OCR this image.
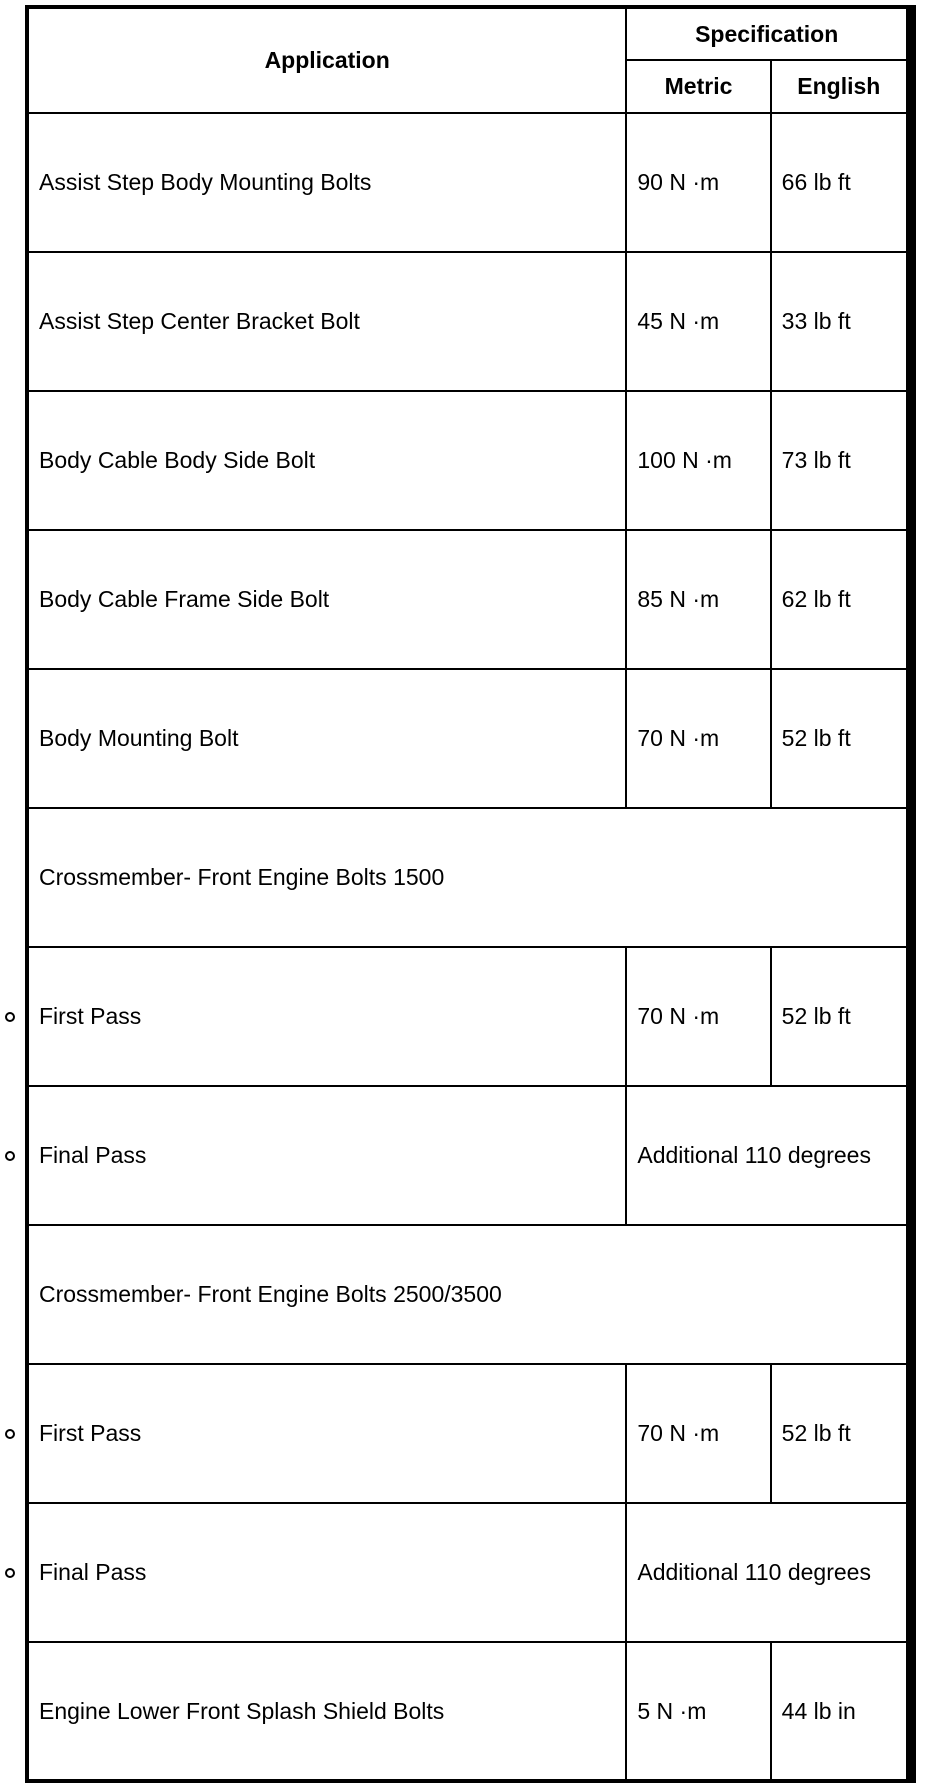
Application	Specification	
	Metric	English
Assist Step Body Mounting Bolts	90 N ·m	66 lb ft
Assist Step Center Bracket Bolt	45 N ·m	33 lb ft
Body Cable Body Side Bolt	100 N ·m	73 lb ft
Body Cable Frame Side Bolt	85 N ·m	62 lb ft
Body Mounting Bolt	70 N ·m	52 lb ft
Crossmember- Front Engine Bolts 1500		
First Pass	70 N ·m	52 lb ft
Final Pass	Additional 110 degrees	
Crossmember- Front Engine Bolts 2500/3500		
First Pass	70 N ·m	52 lb ft
Final Pass	Additional 110 degrees	
Engine Lower Front Splash Shield Bolts	5 N ·m	44 lb in
